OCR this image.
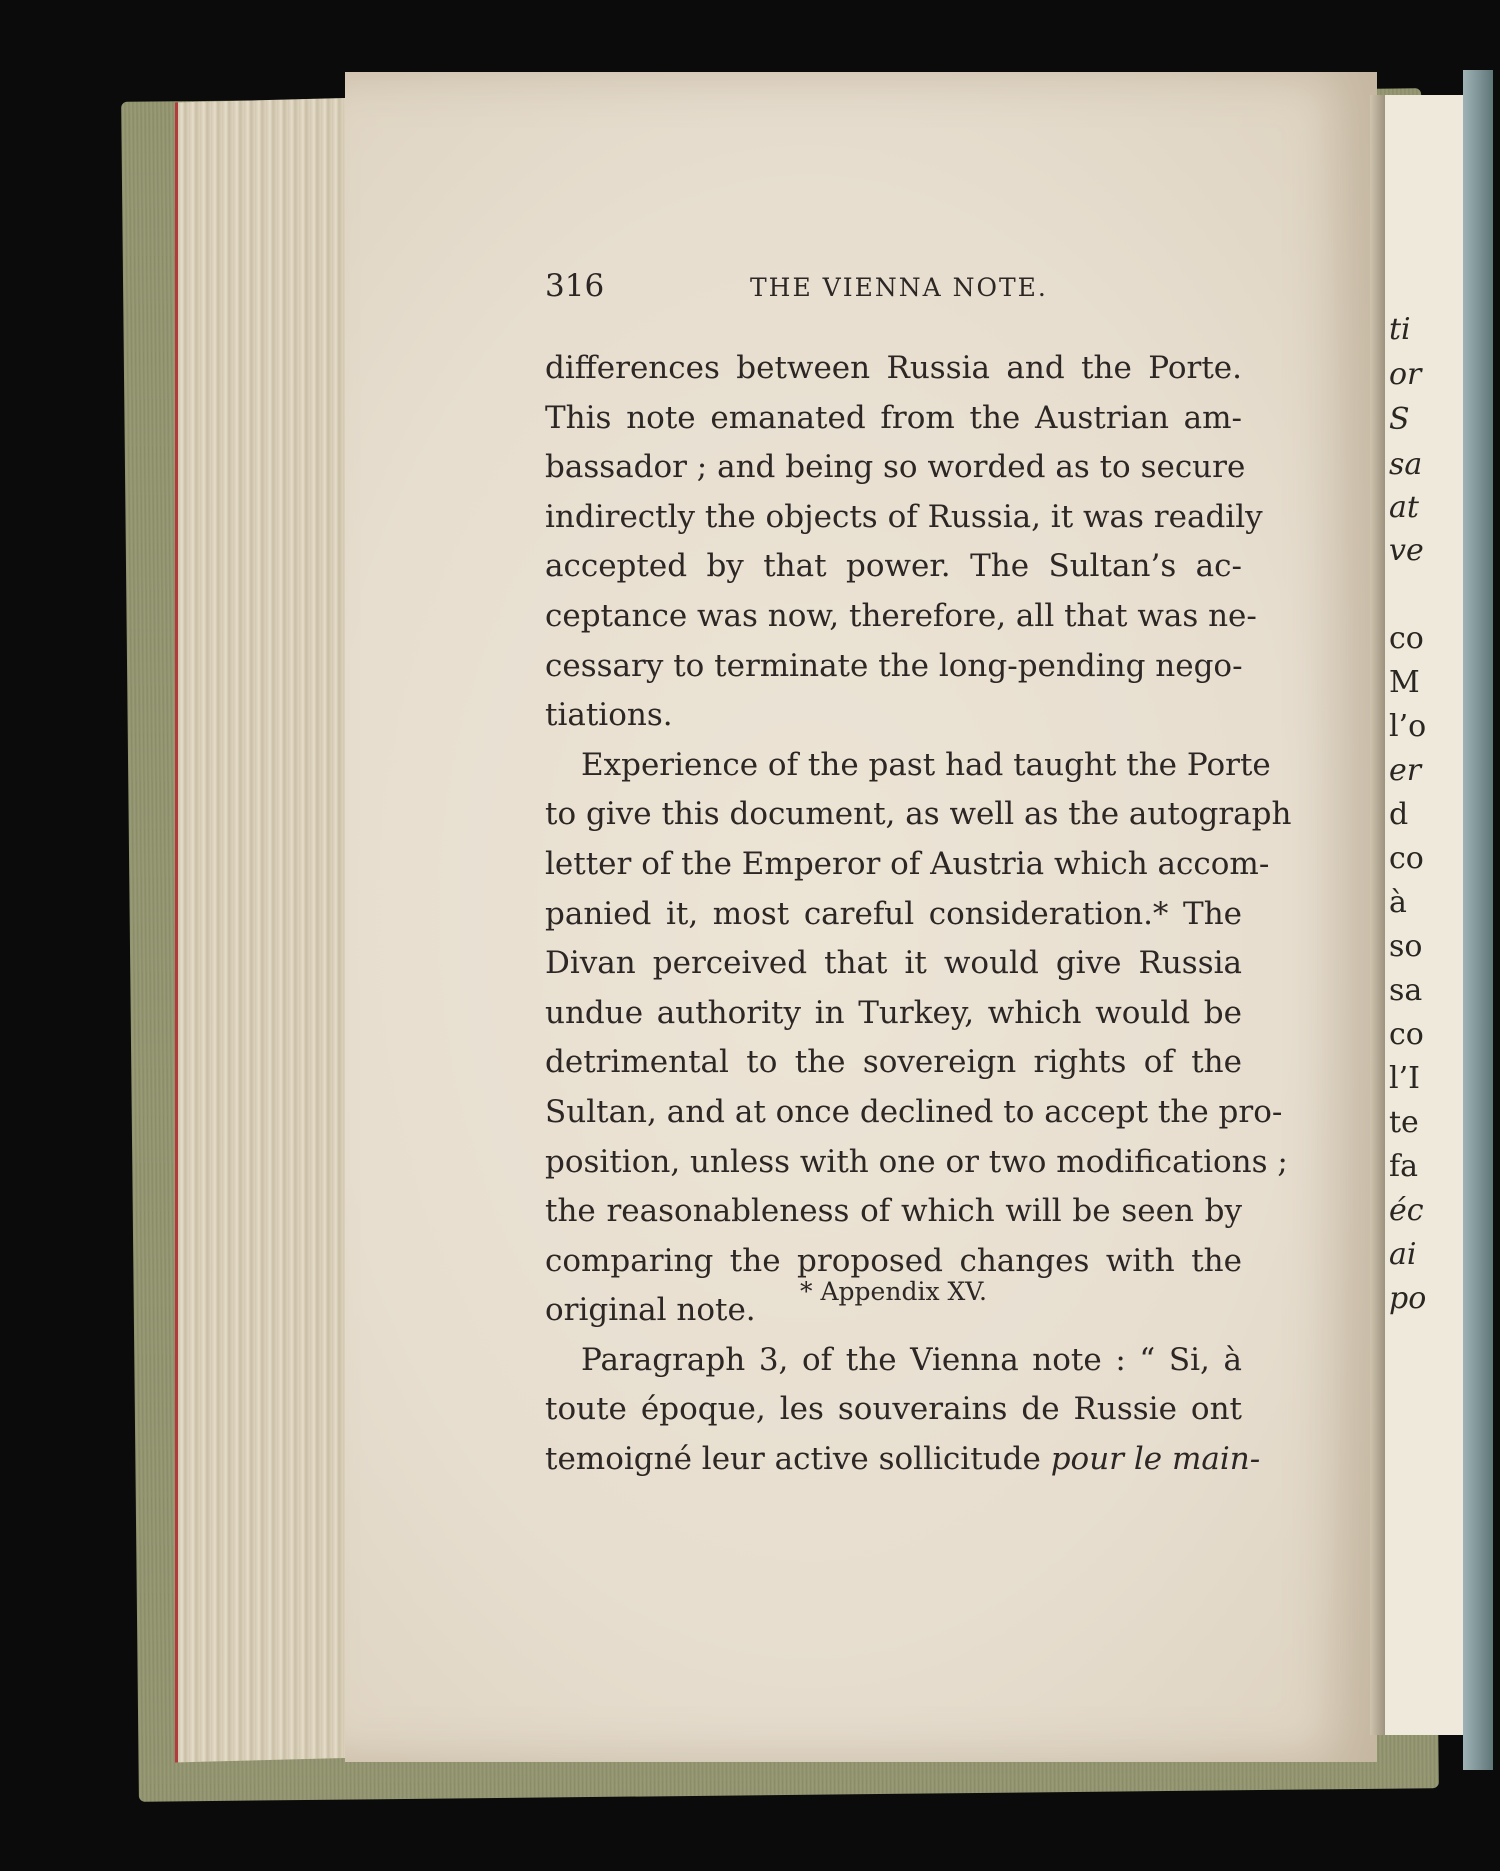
ti
or
S
sa
at
ve
co
M
l’o
er
d
co
à
so
sa
co
l’I
te
fa
éc
ai
po
316	THE VIENNA NOTE.
differences between Russia and the Porte.
This note emanated from the Austrian am-
bassador ; and being so worded as to secure
indirectly the objects of Russia, it was readily
accepted by that power. The Sultan’s ac-
ceptance was now, therefore, all that was ne-
cessary to terminate the long-pending nego-
tiations.
Experience of the past had taught the Porte
to give this document, as well as the autograph
letter of the Emperor of Austria which accom-
panied it, most careful consideration.* The
Divan perceived that it would give Russia
undue authority in Turkey, which would be
detrimental to the sovereign rights of the
Sultan, and at once declined to accept the pro-
position, unless with one or two modifications ;
the reasonableness of which will be seen by
comparing the proposed changes with the
original note.
Paragraph 3, of the Vienna note : “ Si, à
toute époque, les souverains de Russie ont
temoigné leur active sollicitude pour le main-
* Appendix XV.
